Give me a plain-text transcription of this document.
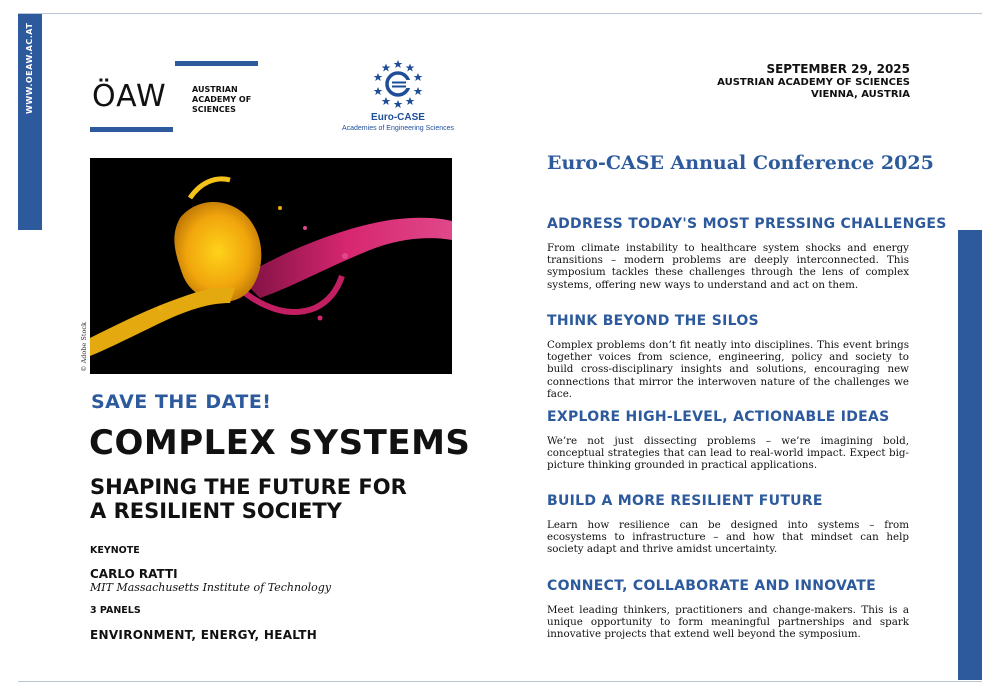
WWW.OEAW.AC.AT ÖAW	AUSTRIAN
ACADEMY OF
SCIENCES
Euro-CASE
Academies of Engineering Sciences
SEPTEMBER 29, 2025
AUSTRIAN ACADEMY OF SCIENCES
VIENNA, AUSTRIA
Euro-CASE Annual Conference 2025
© Adobe Stock
SAVE THE DATE!
COMPLEX SYSTEMS
SHAPING THE FUTURE FOR
A RESILIENT SOCIETY
KEYNOTE
CARLO RATTI
MIT Massachusetts Institute of Technology
3 PANELS
ENVIRONMENT, ENERGY, HEALTH
ADDRESS TODAY'S MOST PRESSING CHALLENGES
From climate instability to healthcare system shocks and energy transitions – modern problems are deeply interconnected. This symposium tackles these challenges through the lens of complex systems, offering new ways to understand and act on them.
THINK BEYOND THE SILOS
Complex problems don’t fit neatly into disciplines. This event brings together voices from science, engineering, policy and society to build cross-disciplinary insights and solutions, encouraging new connections that mirror the interwoven nature of the challenges we face.
EXPLORE HIGH-LEVEL, ACTIONABLE IDEAS
We’re not just dissecting problems – we’re imagining bold, conceptual strategies that can lead to real-world impact. Expect big-picture thinking grounded in practical applications.
BUILD A MORE RESILIENT FUTURE
Learn how resilience can be designed into systems – from ecosystems to infrastructure – and how that mindset can help society adapt and thrive amidst uncertainty.
CONNECT, COLLABORATE AND INNOVATE
Meet leading thinkers, practitioners and change-makers. This is a unique opportunity to form meaningful partnerships and spark innovative projects that extend well beyond the symposium.
